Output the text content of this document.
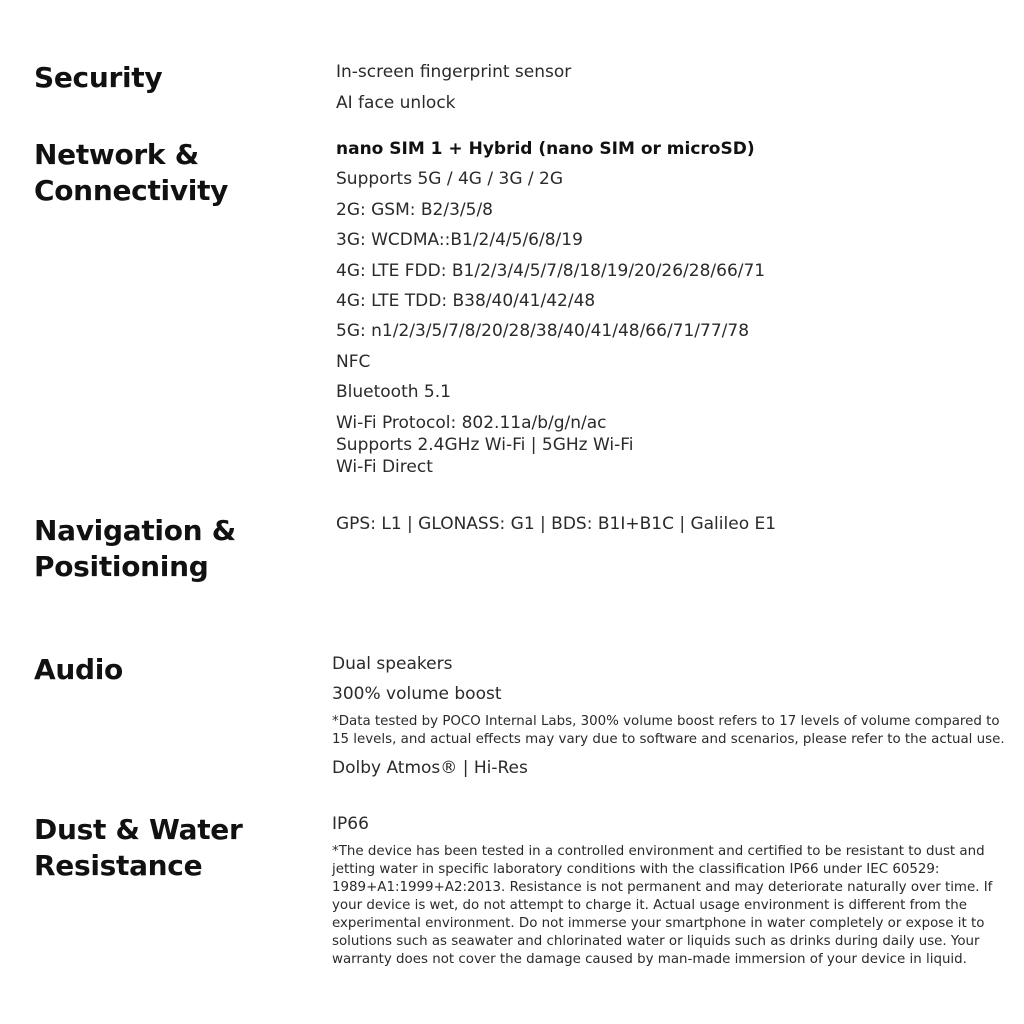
Security	In-screen fingerprint sensor

AI face unlock

Network &
Connectivity

nano SIM 1 + Hybrid (nano SIM or microSD)

Supports 5G / 4G / 3G / 2G

2G: GSM: B2/3/5/8

3G: WCDMA::B1/2/4/5/6/8/19

4G: LTE FDD: B1/2/3/4/5/7/8/18/19/20/26/28/66/71

4G: LTE TDD: B38/40/41/42/48

5G: n1/2/3/5/7/8/20/28/38/40/41/48/66/71/77/78

NFC

Bluetooth 5.1

Wi-Fi Protocol: 802.11a/b/g/n/ac
Supports 2.4GHz Wi-Fi | 5GHz Wi-Fi
Wi-Fi Direct

Navigation &
Positioning

GPS: L1 | GLONASS: G1 | BDS: B1I+B1C | Galileo E1

Audio	Dual speakers

300% volume boost

*Data tested by POCO Internal Labs, 300% volume boost refers to 17 levels of volume compared to 15 levels, and actual effects may vary due to software and scenarios, please refer to the actual use.

Dolby Atmos® | Hi-Res

Dust & Water
Resistance

IP66

*The device has been tested in a controlled environment and certified to be resistant to dust and jetting water in specific laboratory conditions with the classification IP66 under IEC 60529: 1989+A1:1999+A2:2013. Resistance is not permanent and may deteriorate naturally over time. If your device is wet, do not attempt to charge it. Actual usage environment is different from the experimental environment. Do not immerse your smartphone in water completely or expose it to solutions such as seawater and chlorinated water or liquids such as drinks during daily use. Your warranty does not cover the damage caused by man-made immersion of your device in liquid.
